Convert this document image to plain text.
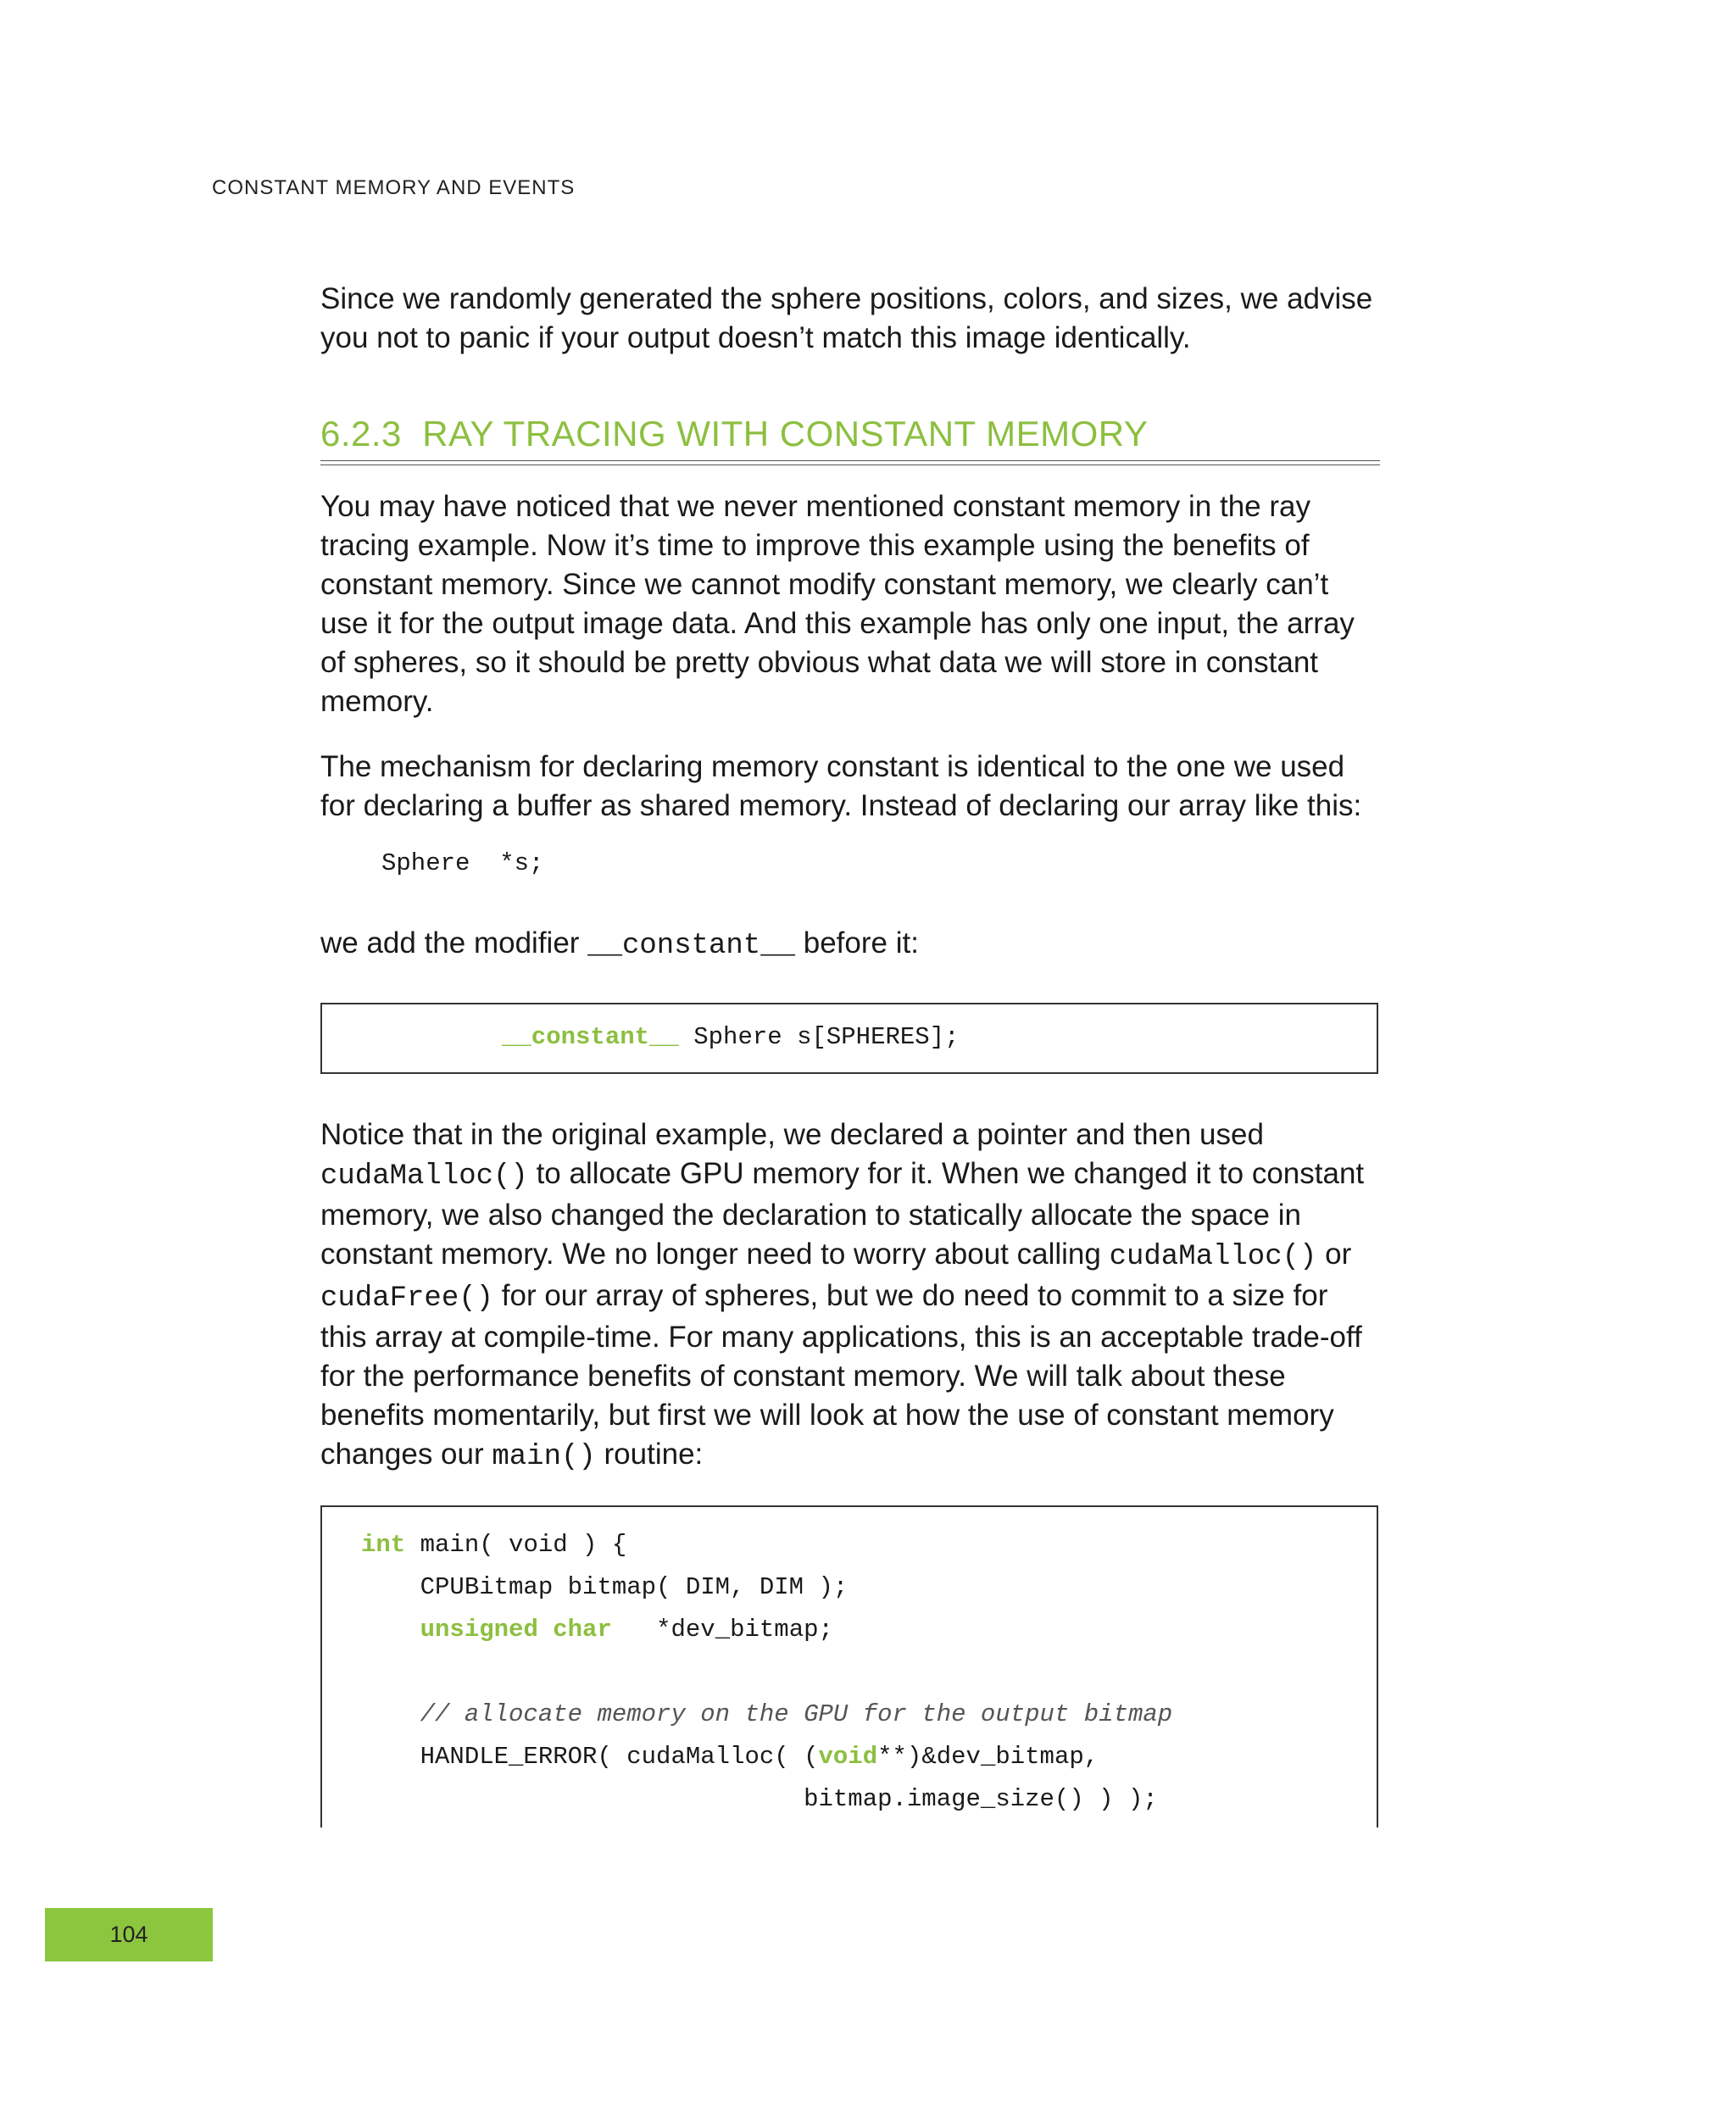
CONSTANT MEMORY AND EVENTS

Since we randomly generated the sphere positions, colors, and sizes, we advise you not to panic if your output doesn’t match this image identically.

6.2.3 RAY TRACING WITH CONSTANT MEMORY

You may have noticed that we never mentioned constant memory in the ray tracing example. Now it’s time to improve this example using the benefits of constant memory. Since we cannot modify constant memory, we clearly can’t use it for the output image data. And this example has only one input, the array of spheres, so it should be pretty obvious what data we will store in constant memory.

The mechanism for declaring memory constant is identical to the one we used for declaring a buffer as shared memory. Instead of declaring our array like this:

Sphere  *s;

we add the modifier __constant__ before it:

__constant__ Sphere s[SPHERES];

Notice that in the original example, we declared a pointer and then used cudaMalloc() to allocate GPU memory for it. When we changed it to constant memory, we also changed the declaration to statically allocate the space in constant memory. We no longer need to worry about calling cudaMalloc() or cudaFree() for our array of spheres, but we do need to commit to a size for this array at compile-time. For many applications, this is an acceptable trade-off for the performance benefits of constant memory. We will talk about these benefits momentarily, but first we will look at how the use of constant memory changes our main() routine:

int main( void ) {

CPUBitmap bitmap( DIM, DIM );

unsigned char   *dev_bitmap;

// allocate memory on the GPU for the output bitmap

HANDLE_ERROR( cudaMalloc( (void**)&dev_bitmap,

bitmap.image_size() ) );

104
